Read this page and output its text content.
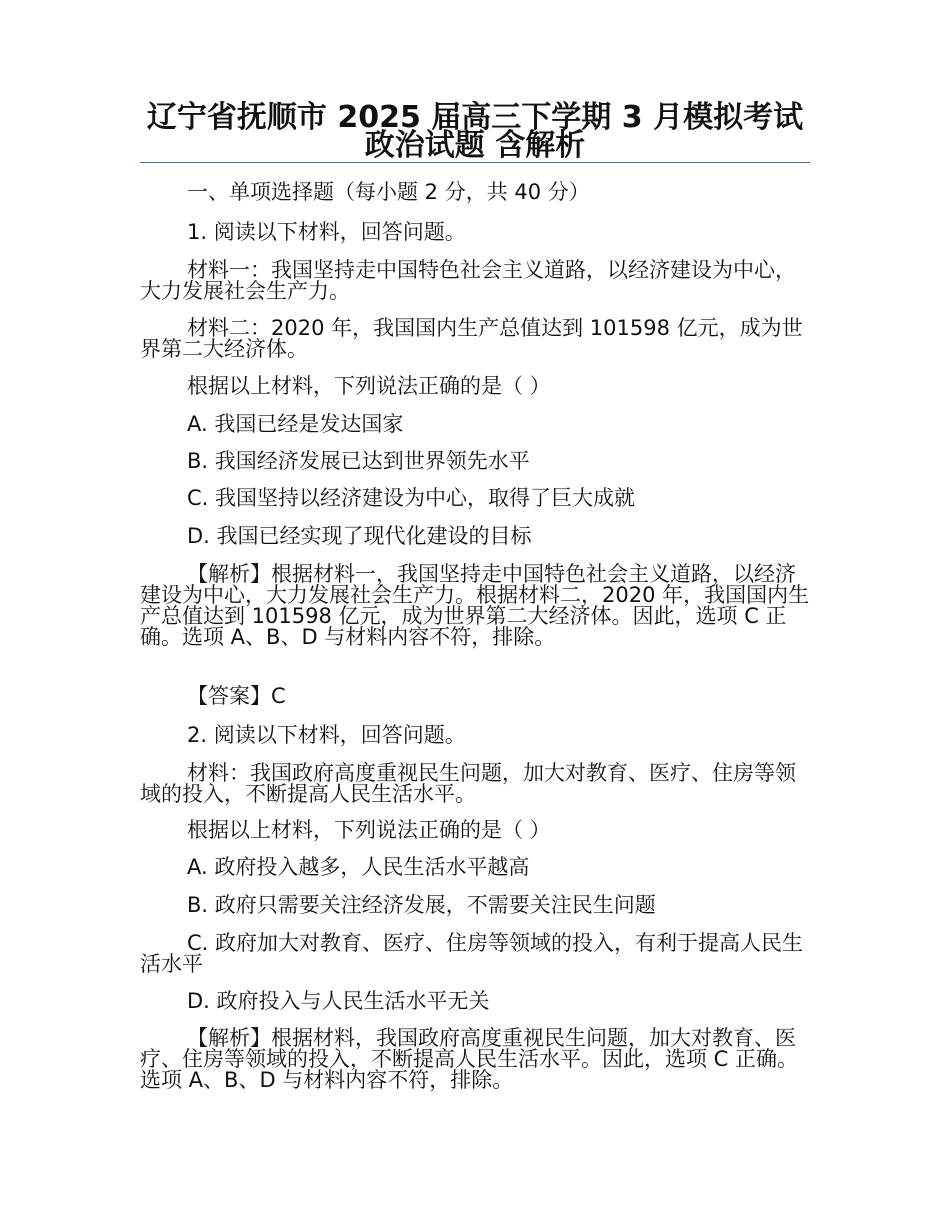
辽宁省抚顺市 2025 届高三下学期 3 月模拟考试政治试题 含解析

一、单项选择题（每小题 2 分，共 40 分）

1. 阅读以下材料，回答问题。

材料一：我国坚持走中国特色社会主义道路，以经济建设为中心，大力发展社会生产力。

材料二：2020 年，我国国内生产总值达到 101598 亿元，成为世界第二大经济体。

根据以上材料，下列说法正确的是（ ）

A. 我国已经是发达国家

B. 我国经济发展已达到世界领先水平

C. 我国坚持以经济建设为中心，取得了巨大成就

D. 我国已经实现了现代化建设的目标

【解析】根据材料一，我国坚持走中国特色社会主义道路，以经济建设为中心，大力发展社会生产力。根据材料二，2020 年，我国国内生产总值达到 101598 亿元，成为世界第二大经济体。因此，选项 C 正确。选项 A、B、D 与材料内容不符，排除。

【答案】C

2. 阅读以下材料，回答问题。

材料：我国政府高度重视民生问题，加大对教育、医疗、住房等领域的投入，不断提高人民生活水平。

根据以上材料，下列说法正确的是（ ）

A. 政府投入越多，人民生活水平越高

B. 政府只需要关注经济发展，不需要关注民生问题

C. 政府加大对教育、医疗、住房等领域的投入，有利于提高人民生活水平

D. 政府投入与人民生活水平无关

【解析】根据材料，我国政府高度重视民生问题，加大对教育、医疗、住房等领域的投入，不断提高人民生活水平。因此，选项 C 正确。选项 A、B、D 与材料内容不符，排除。
